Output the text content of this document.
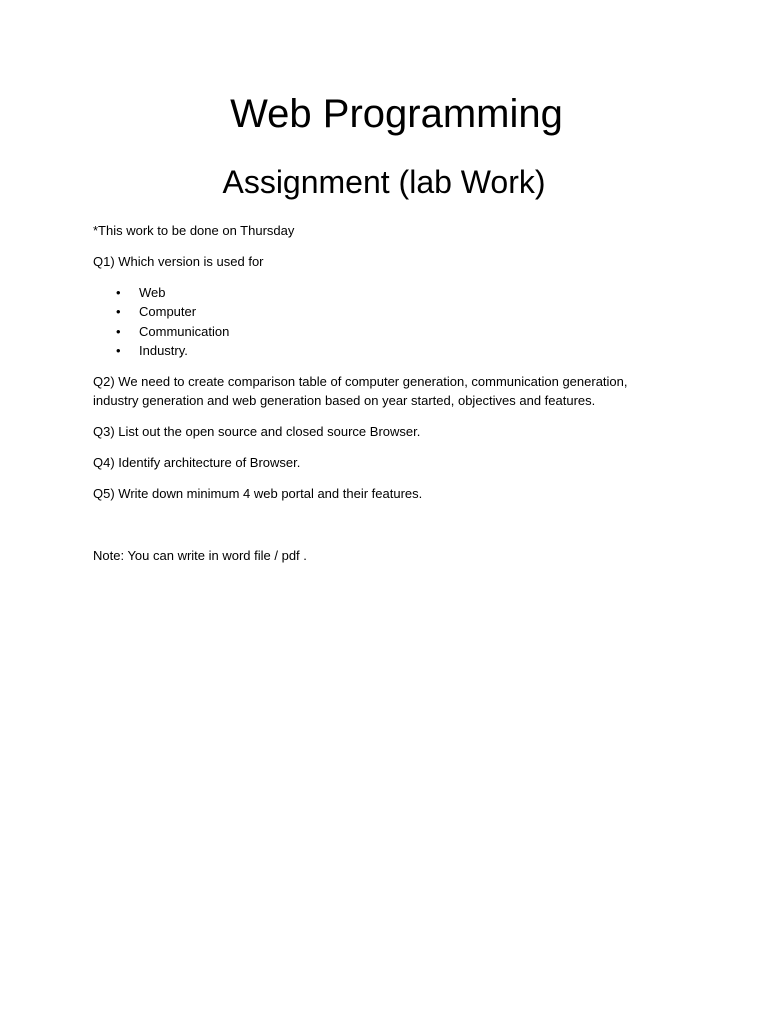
Web Programming
Assignment (lab Work)
*This work to be done on Thursday
Q1) Which version is used for
• Web
• Computer
• Communication
• Industry.
Q2) We need to create comparison table of computer generation, communication generation, industry generation and web generation based on year started, objectives and features.
Q3) List out the open source and closed source Browser.
Q4) Identify architecture of Browser.
Q5) Write down minimum 4 web portal and their features.
Note: You can write in word file / pdf .
